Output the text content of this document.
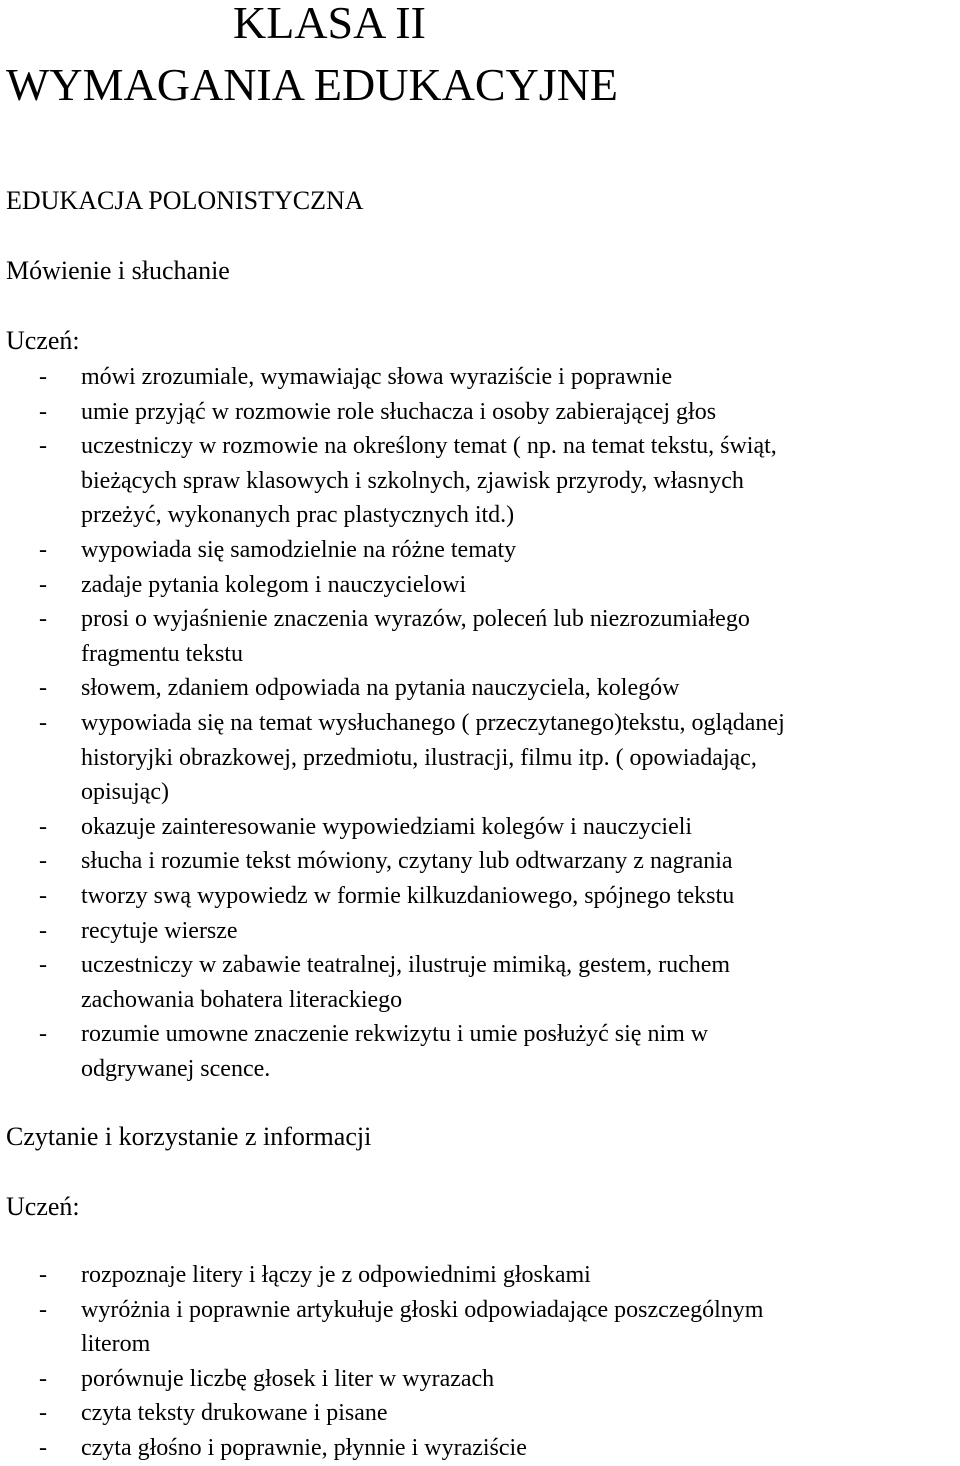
KLASA II
WYMAGANIA EDUKACYJNE
EDUKACJA POLONISTYCZNA
Mówienie i słuchanie
Uczeń:
- mówi zrozumiale, wymawiając słowa wyraziście i poprawnie
- umie przyjąć w rozmowie role słuchacza i osoby zabierającej głos
- uczestniczy w rozmowie na określony temat ( np. na temat tekstu, świąt,
bieżących spraw klasowych i szkolnych, zjawisk przyrody, własnych
przeżyć, wykonanych prac plastycznych itd.)
- wypowiada się samodzielnie na różne tematy
- zadaje pytania kolegom i nauczycielowi
- prosi o wyjaśnienie znaczenia wyrazów, poleceń lub niezrozumiałego
fragmentu tekstu
- słowem, zdaniem odpowiada na pytania nauczyciela, kolegów
- wypowiada się na temat wysłuchanego ( przeczytanego)tekstu, oglądanej
historyjki obrazkowej, przedmiotu, ilustracji, filmu itp. ( opowiadając,
opisując)
- okazuje zainteresowanie wypowiedziami kolegów i nauczycieli
- słucha i rozumie tekst mówiony, czytany lub odtwarzany z nagrania
- tworzy swą wypowiedz w formie kilkuzdaniowego, spójnego tekstu
- recytuje wiersze
- uczestniczy w zabawie teatralnej, ilustruje mimiką, gestem, ruchem
zachowania bohatera literackiego
- rozumie umowne znaczenie rekwizytu i umie posłużyć się nim w
odgrywanej scence.
Czytanie i korzystanie z informacji
Uczeń:
- rozpoznaje litery i łączy je z odpowiednimi głoskami
- wyróżnia i poprawnie artykułuje głoski odpowiadające poszczególnym
literom
- porównuje liczbę głosek i liter w wyrazach
- czyta teksty drukowane i pisane
- czyta głośno i poprawnie, płynnie i wyraziście
